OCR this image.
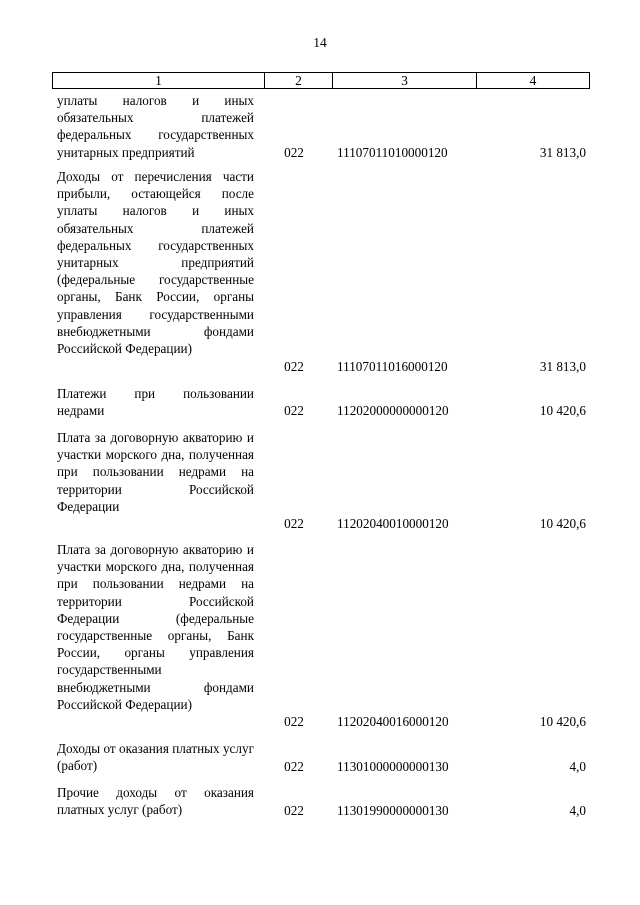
14
1	2	3	4
уплаты налогов и иных обязательных платежей федеральных государственных унитарных предприятий	022	11107011010000120	31 813,0
Доходы от перечисления части прибыли, остающейся после уплаты налогов и иных обязательных платежей федеральных государственных унитарных предприятий (федеральные государственные органы, Банк России, органы управления государственными внебюджетными фондами Российской Федерации)
022	11107011016000120	31 813,0
Платежи при пользовании недрами	022	11202000000000120	10 420,6
Плата за договорную акваторию и участки морского дна, полученная при пользовании недрами на территории Российской Федерации
022	11202040010000120	10 420,6
Плата за договорную акваторию и участки морского дна, полученная при пользовании недрами на территории Российской Федерации (федеральные государственные органы, Банк России, органы управления государственными внебюджетными фондами Российской Федерации)
022	11202040016000120	10 420,6
Доходы от оказания платных услуг (работ)	022	11301000000000130	4,0
Прочие доходы от оказания платных услуг (работ)	022	11301990000000130	4,0
